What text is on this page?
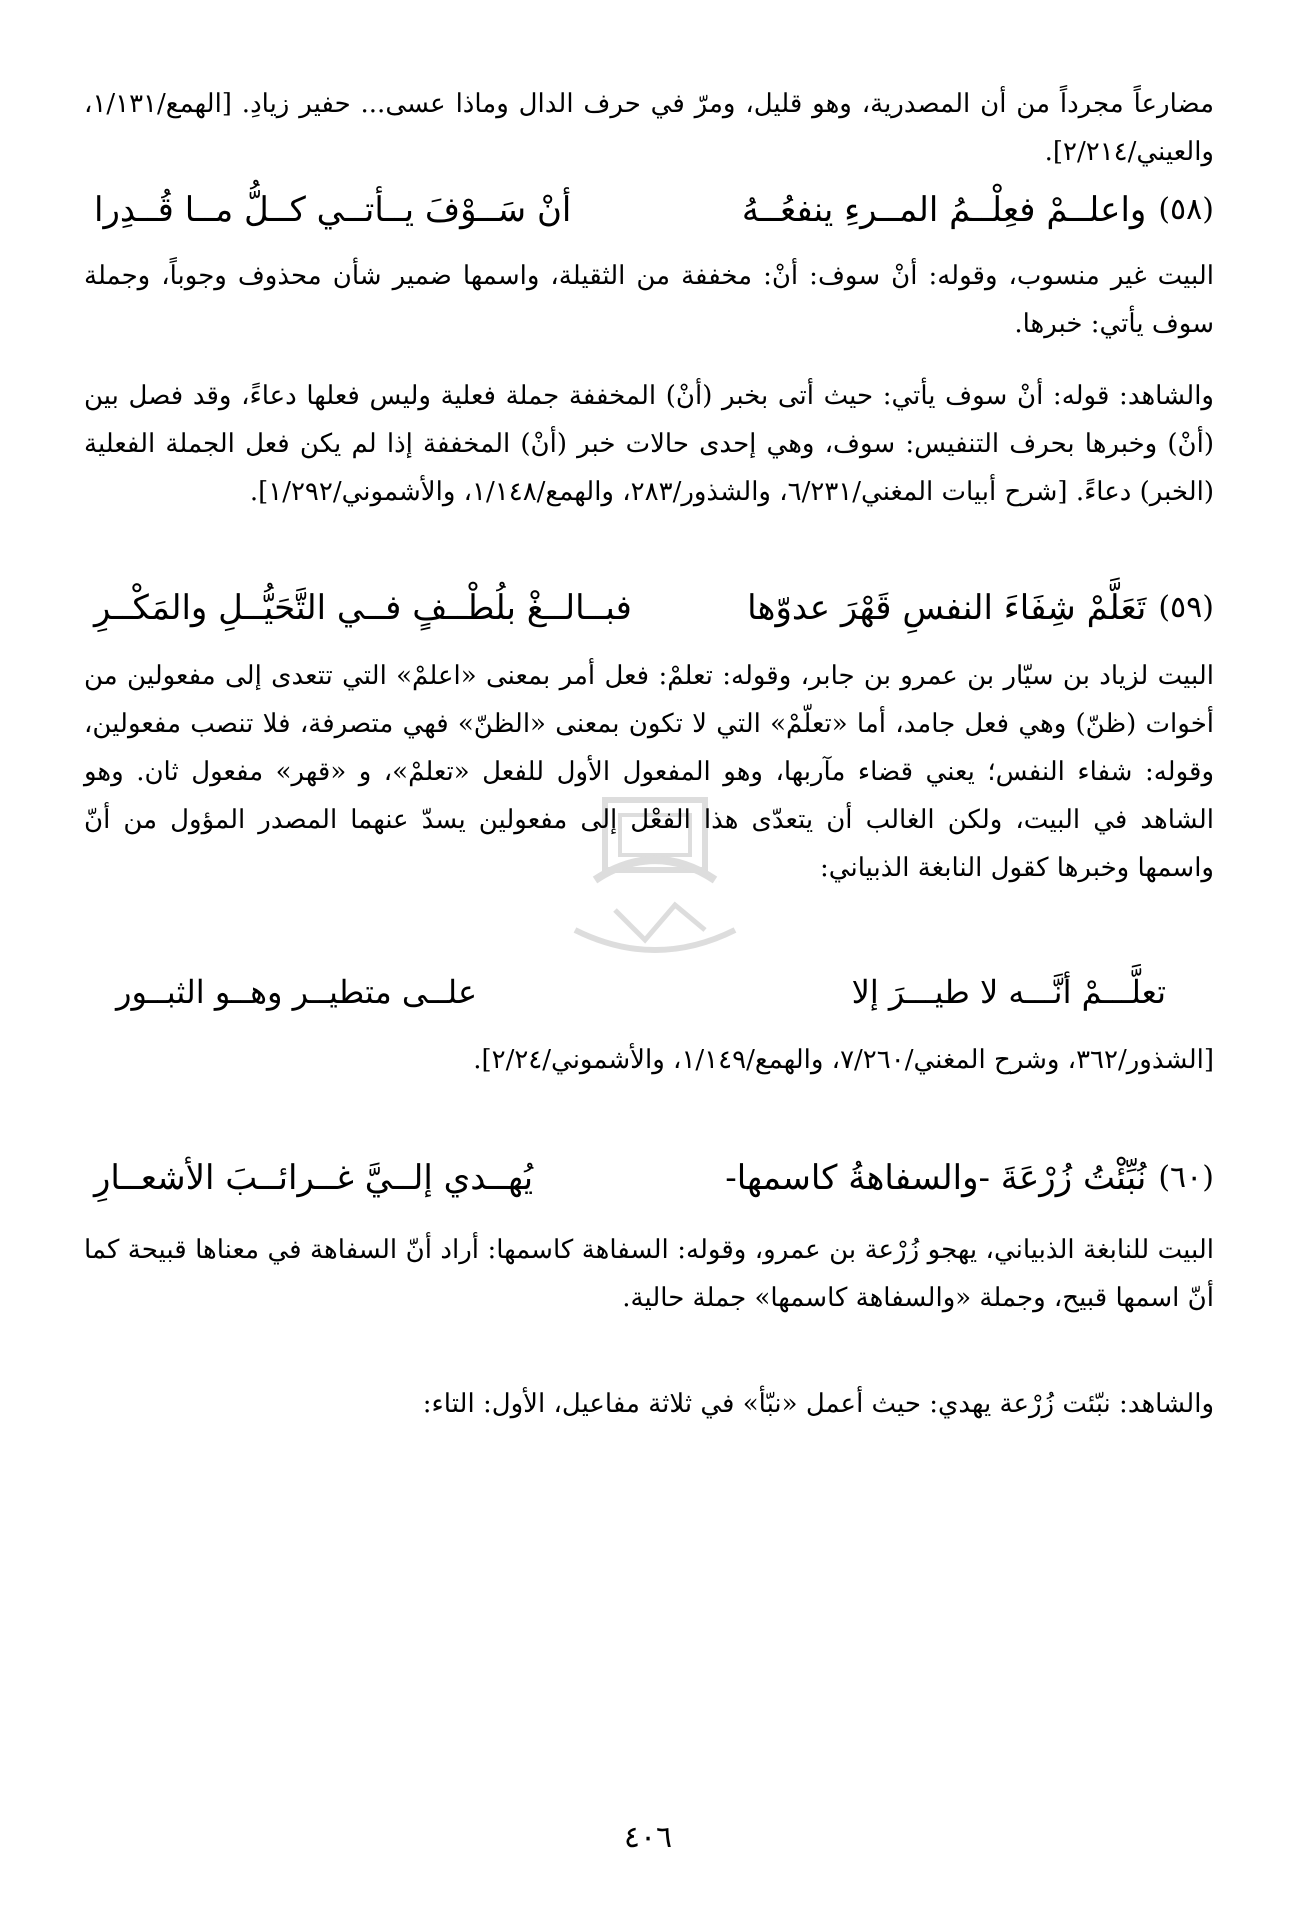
مضارعاً مجرداً من أن المصدرية، وهو قليل، ومرّ في حرف الدال وماذا عسى... حفير زيادِ. [الهمع/١/١٣١، والعيني/٢/٢١٤].

(٥٨)
واعلــمْ فعِلْــمُ المــرءِ ينفعُــهُ
أنْ سَــوْفَ يــأتــي كــلُّ مــا قُــدِرا

البيت غير منسوب، وقوله: أنْ سوف: أنْ: مخففة من الثقيلة، واسمها ضمير شأن محذوف وجوباً، وجملة سوف يأتي: خبرها.

والشاهد: قوله: أنْ سوف يأتي: حيث أتى بخبر (أنْ) المخففة جملة فعلية وليس فعلها دعاءً، وقد فصل بين (أنْ) وخبرها بحرف التنفيس: سوف، وهي إحدى حالات خبر (أنْ) المخففة إذا لم يكن فعل الجملة الفعلية (الخبر) دعاءً. [شرح أبيات المغني/٦/٢٣١، والشذور/٢٨٣، والهمع/١/١٤٨، والأشموني/١/٢٩٢].

(٥٩)
تَعَلَّمْ شِفَاءَ النفسِ قَهْرَ عدوّها
فبــالــغْ بلُطْــفٍ فــي التَّحَيُّــلِ والمَكْــرِ

البيت لزياد بن سيّار بن عمرو بن جابر، وقوله: تعلمْ: فعل أمر بمعنى «اعلمْ» التي تتعدى إلى مفعولين من أخوات (ظنّ) وهي فعل جامد، أما «تعلّمْ» التي لا تكون بمعنى «الظنّ» فهي متصرفة، فلا تنصب مفعولين، وقوله: شفاء النفس؛ يعني قضاء مآربها، وهو المفعول الأول للفعل «تعلمْ»، و «قهر» مفعول ثان. وهو الشاهد في البيت، ولكن الغالب أن يتعدّى هذا الفعْل إلى مفعولين يسدّ عنهما المصدر المؤول من أنّ واسمها وخبرها كقول النابغة الذبياني:

تعلَّـــمْ أنَّـــه لا طيـــرَ إلا
علــى متطيــر وهــو الثبــور

[الشذور/٣٦٢، وشرح المغني/٧/٢٦٠، والهمع/١/١٤٩، والأشموني/٢/٢٤].

(٦٠)
نُبِّئْتُ زُرْعَةَ -والسفاهةُ كاسمها-
يُهــدي إلــيَّ غــرائــبَ الأشعــارِ

البيت للنابغة الذبياني، يهجو زُرْعة بن عمرو، وقوله: السفاهة كاسمها: أراد أنّ السفاهة في معناها قبيحة كما أنّ اسمها قبيح، وجملة «والسفاهة كاسمها» جملة حالية.

والشاهد: نبّئت زُرْعة يهدي: حيث أعمل «نبّأ» في ثلاثة مفاعيل، الأول: التاء:

٤٠٦
